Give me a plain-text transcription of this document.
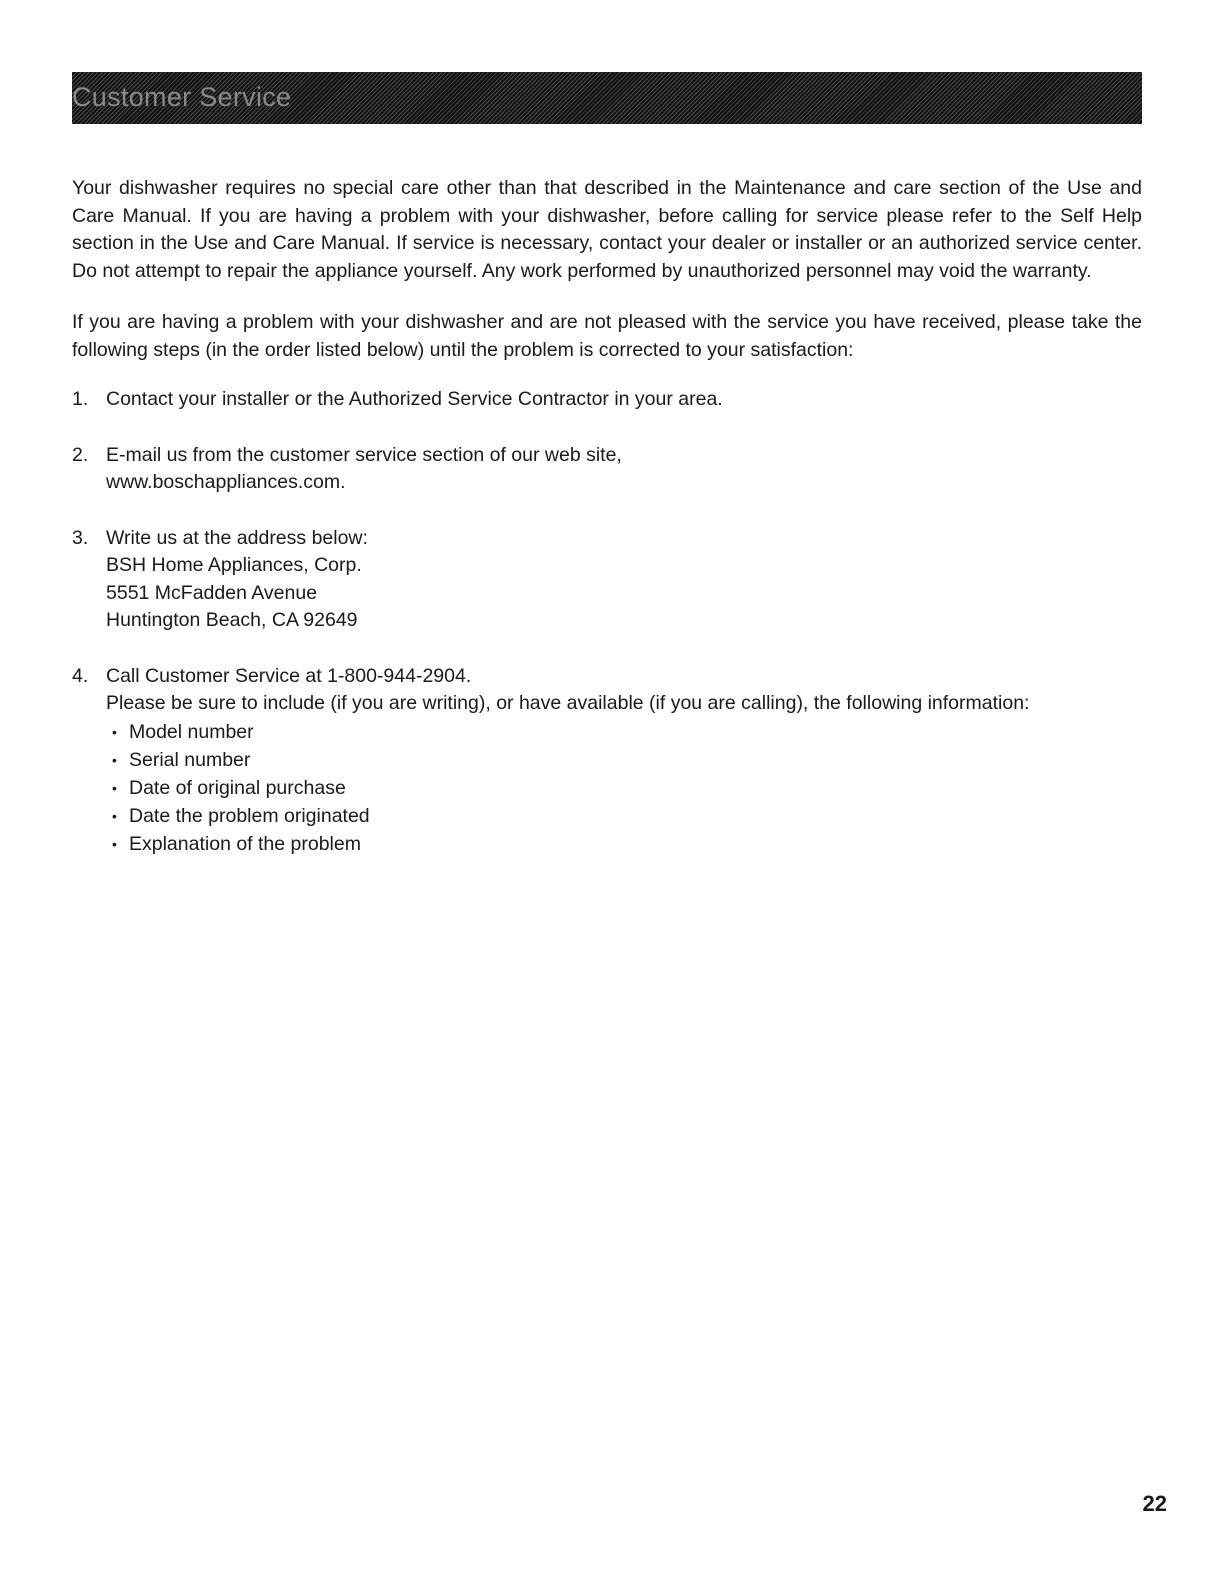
Customer Service

Your dishwasher requires no special care other than that described in the Maintenance and care section of the Use and Care Manual. If you are having a problem with your dishwasher, before calling for service please refer to the Self Help section in the Use and Care Manual. If service is necessary, contact your dealer or installer or an authorized service center. Do not attempt to repair the appliance yourself. Any work performed by unauthorized personnel may void the warranty.

If you are having a problem with your dishwasher and are not pleased with the service you have received, please take the following steps (in the order listed below) until the problem is corrected to your satisfaction:

1. Contact your installer or the Authorized Service Contractor in your area.
2. E-mail us from the customer service section of our web site,
www.boschappliances.com.
3. Write us at the address below:
BSH Home Appliances, Corp.
5551 McFadden Avenue
Huntington Beach, CA 92649
4. Call Customer Service at 1-800-944-2904.
Please be sure to include (if you are writing), or have available (if you are calling), the following information:
• Model number
• Serial number
• Date of original purchase
• Date the problem originated
• Explanation of the problem
22
